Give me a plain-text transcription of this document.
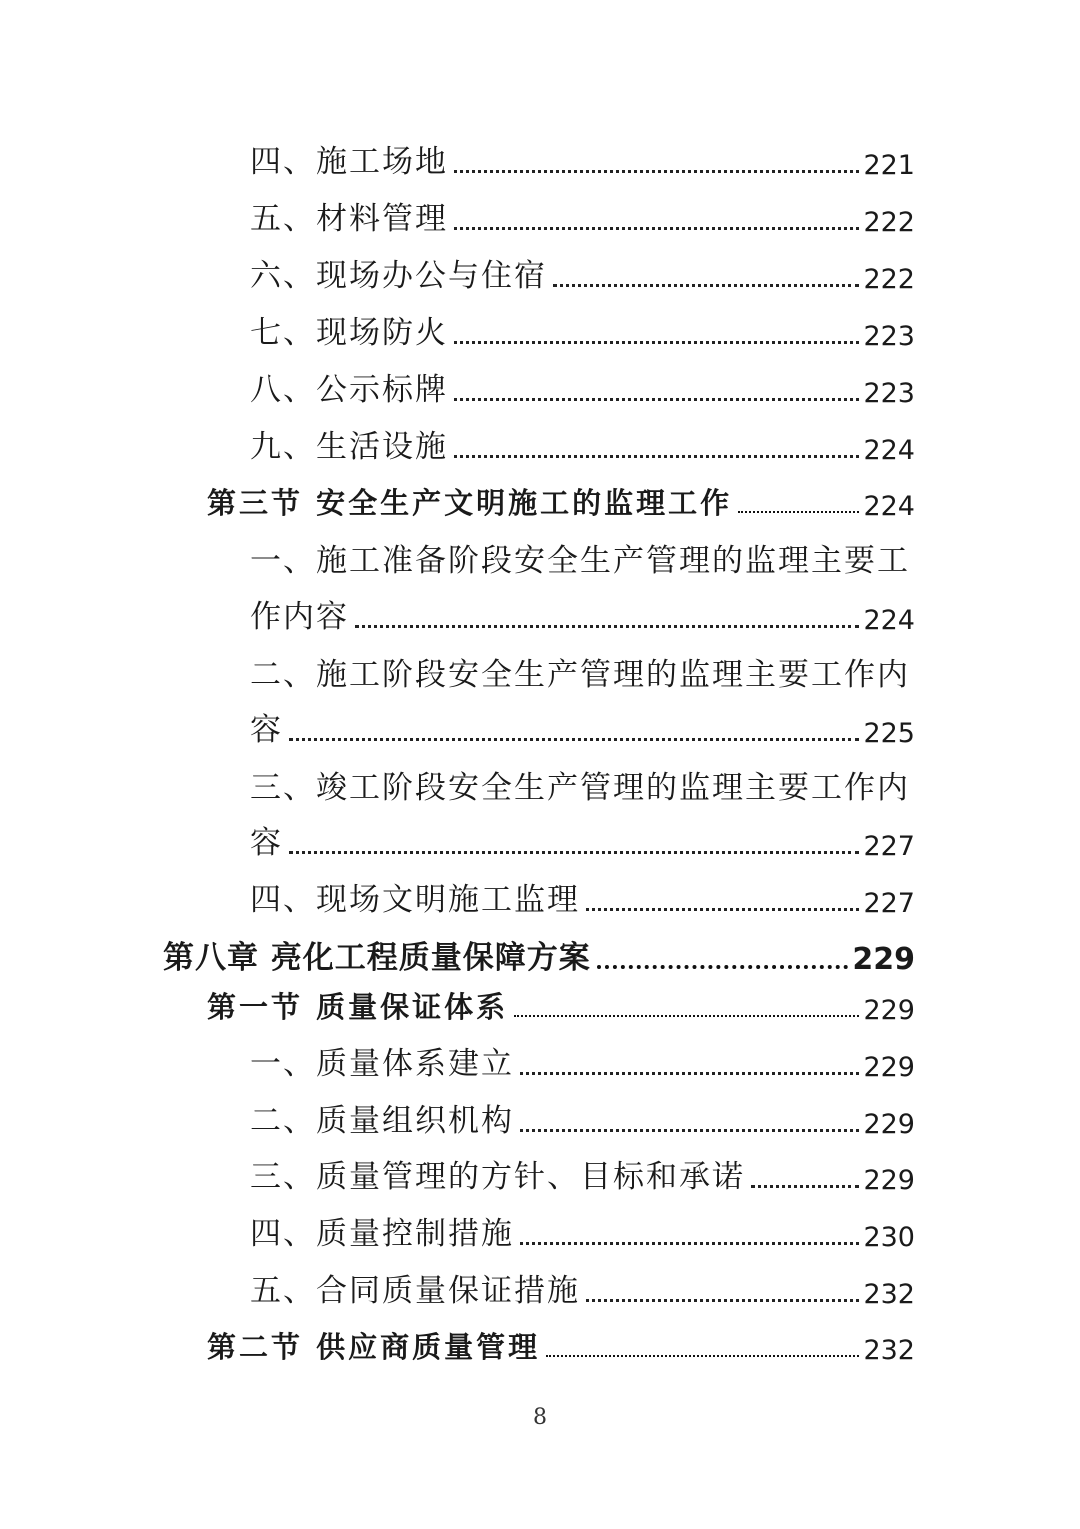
四、施工场地	221
五、材料管理	222
六、现场办公与住宿	222
七、现场防火	223
八、公示标牌	223
九、生活设施	224
第三节 安全生产文明施工的监理工作	224
一、施工准备阶段安全生产管理的监理主要工
作内容	224
二、施工阶段安全生产管理的监理主要工作内
容	225
三、竣工阶段安全生产管理的监理主要工作内
容	227
四、现场文明施工监理	227
第八章 亮化工程质量保障方案	229
第一节 质量保证体系	229
一、质量体系建立	229
二、质量组织机构	229
三、质量管理的方针、目标和承诺	229
四、质量控制措施	230
五、合同质量保证措施	232
第二节 供应商质量管理	232
8
